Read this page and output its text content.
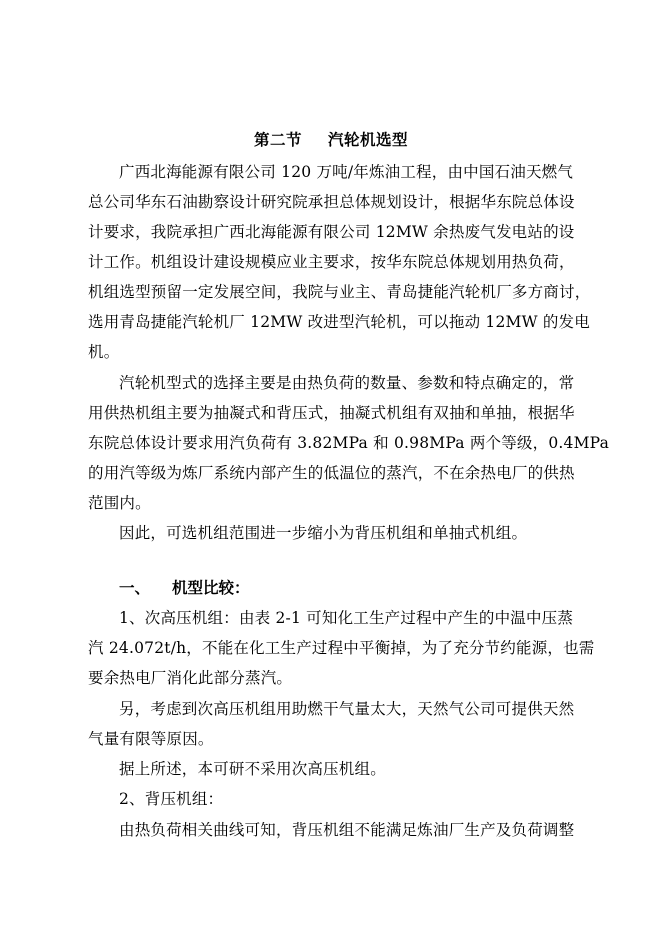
第二节 汽轮机选型
广西北海能源有限公司 120 万吨/年炼油工程，由中国石油天燃气
总公司华东石油勘察设计研究院承担总体规划设计，根据华东院总体设
计要求，我院承担广西北海能源有限公司 12MW 余热废气发电站的设
计工作。机组设计建设规模应业主要求，按华东院总体规划用热负荷，
机组选型预留一定发展空间，我院与业主、青岛捷能汽轮机厂多方商讨，
选用青岛捷能汽轮机厂 12MW 改进型汽轮机，可以拖动 12MW 的发电
机。
汽轮机型式的选择主要是由热负荷的数量、参数和特点确定的，常
用供热机组主要为抽凝式和背压式，抽凝式机组有双抽和单抽，根据华
东院总体设计要求用汽负荷有 3.82MPa 和 0.98MPa 两个等级，0.4MPa
的用汽等级为炼厂系统内部产生的低温位的蒸汽，不在余热电厂的供热
范围内。
因此，可选机组范围进一步缩小为背压机组和单抽式机组。
一、 机型比较：
1、次高压机组：由表 2-1 可知化工生产过程中产生的中温中压蒸
汽 24.072t/h，不能在化工生产过程中平衡掉，为了充分节约能源，也需
要余热电厂消化此部分蒸汽。
另，考虑到次高压机组用助燃干气量太大，天然气公司可提供天然
气量有限等原因。
据上所述，本可研不采用次高压机组。
2、背压机组：
由热负荷相关曲线可知，背压机组不能满足炼油厂生产及负荷调整
